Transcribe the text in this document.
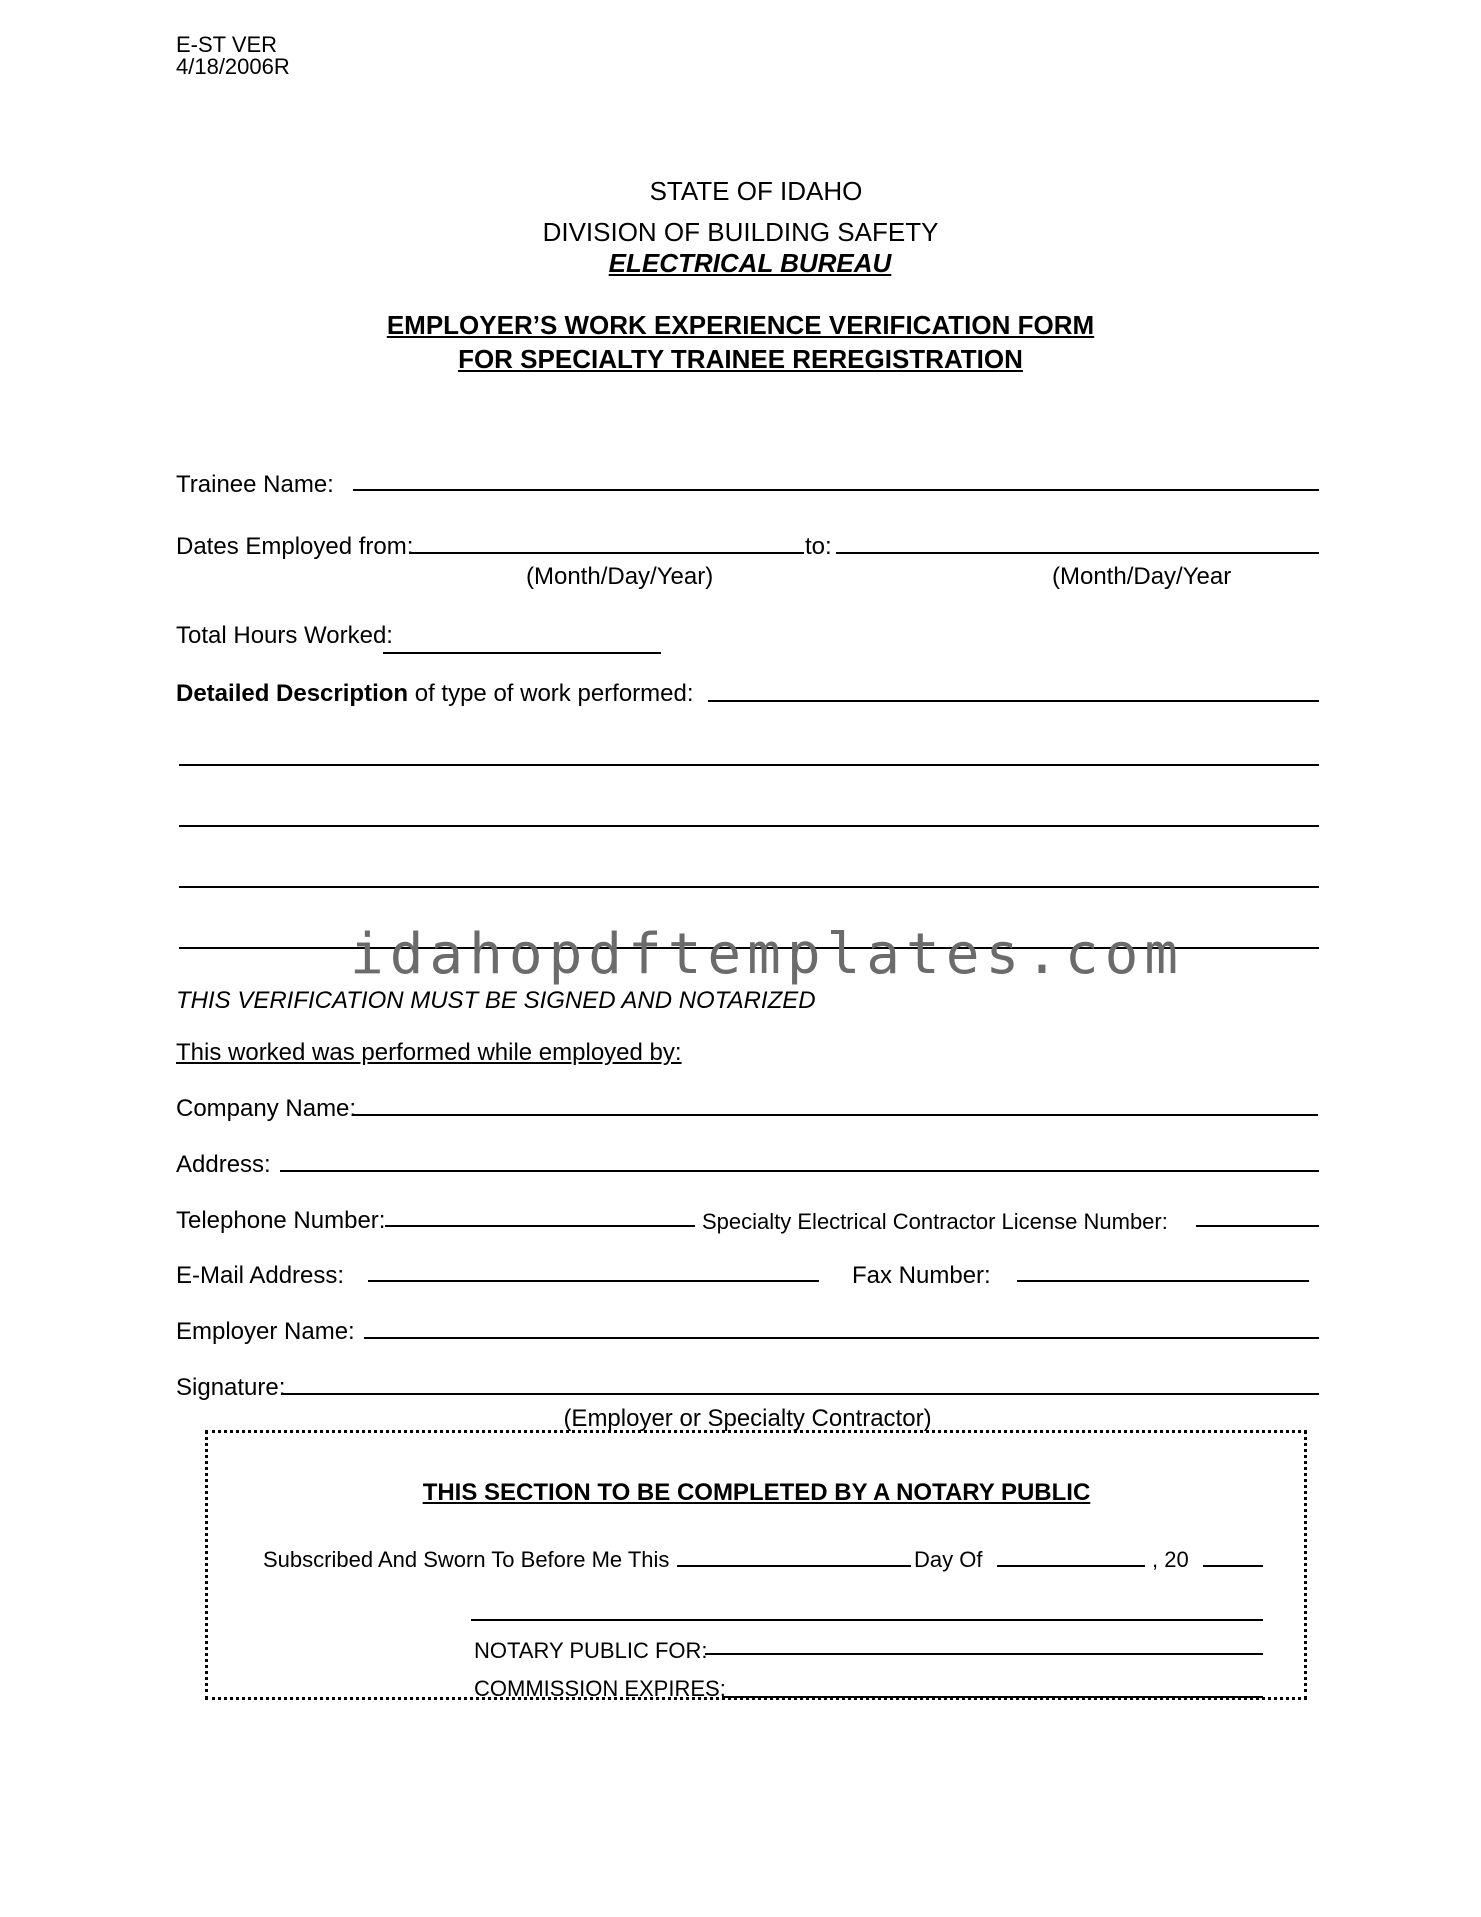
E-ST VER
4/18/2006R
STATE OF IDAHO
DIVISION OF BUILDING SAFETY
ELECTRICAL BUREAU
EMPLOYER’S WORK EXPERIENCE VERIFICATION FORM
FOR SPECIALTY TRAINEE REREGISTRATION
Trainee Name:
Dates Employed from:	to:
(Month/Day/Year)	(Month/Day/Year
Total Hours Worked:
Detailed Description of type of work performed:
idahopdftemplates.com
THIS VERIFICATION MUST BE SIGNED AND NOTARIZED
This worked was performed while employed by:
Company Name:
Address:
Telephone Number:	Specialty Electrical Contractor License Number:
E-Mail Address:	Fax Number:
Employer Name:
Signature:
(Employer or Specialty Contractor)
THIS SECTION TO BE COMPLETED BY A NOTARY PUBLIC
Subscribed And Sworn To Before Me This	Day Of	, 20
NOTARY PUBLIC FOR:
COMMISSION EXPIRES:
